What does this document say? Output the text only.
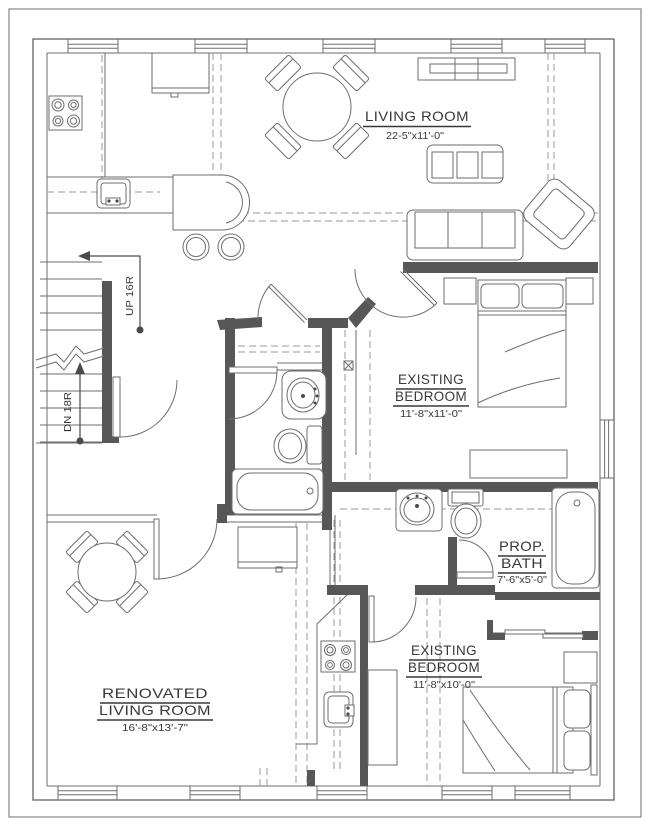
UP 16R
DN 18R
LIVING ROOM
22-5"x11'-0"
EXISTING
BEDROOM
11'-8"x11'-0"
PROP.
BATH
7'-6"x5'-0"
EXISTING
BEDROOM
11'-8"x10'-0"
RENOVATED
LIVING ROOM
16'-8"x13'-7"
